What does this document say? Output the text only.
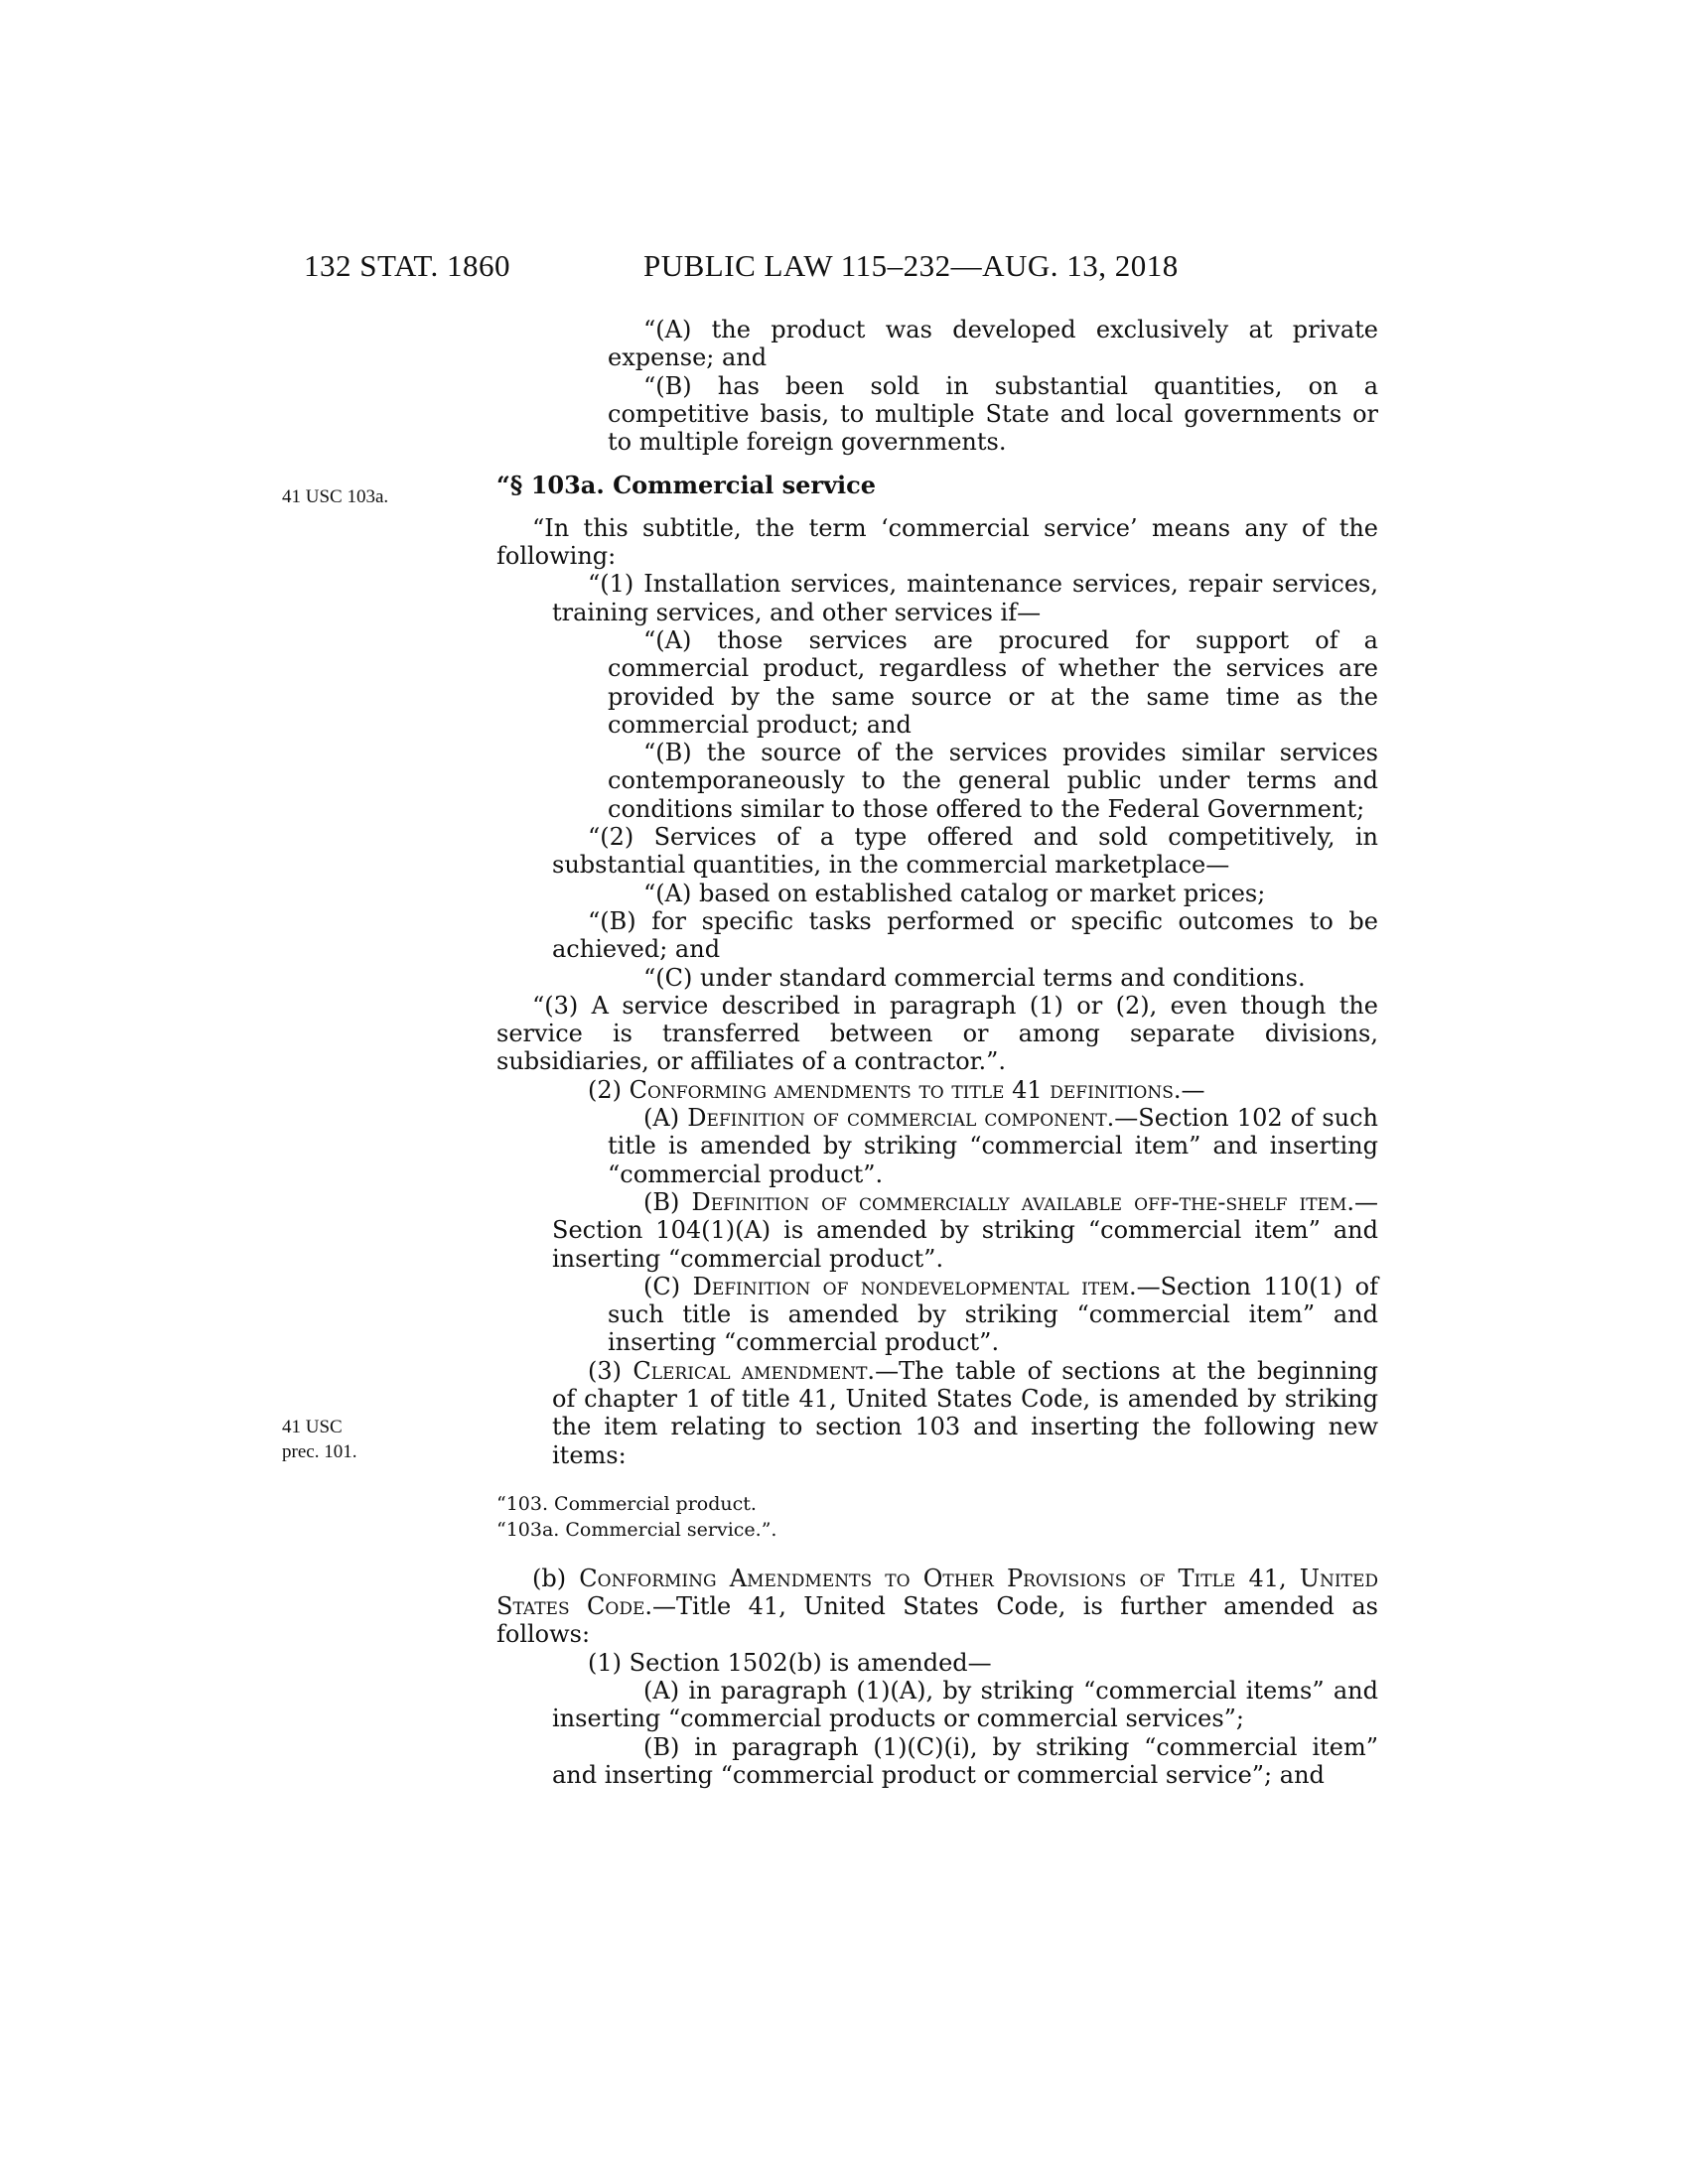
132 STAT. 1860	PUBLIC LAW 115–232—AUG. 13, 2018
41 USC 103a.
41 USC
prec. 101.

“(A) the product was developed exclusively at private expense; and

“(B) has been sold in substantial quantities, on a competitive basis, to multiple State and local governments or to multiple foreign governments.

“§ 103a. Commercial service

“In this subtitle, the term ‘commercial service’ means any of the following:

“(1) Installation services, maintenance services, repair services, training services, and other services if—

“(A) those services are procured for support of a commercial product, regardless of whether the services are provided by the same source or at the same time as the commercial product; and

“(B) the source of the services provides similar services contemporaneously to the general public under terms and conditions similar to those offered to the Federal Government;

“(2) Services of a type offered and sold competitively, in substantial quantities, in the commercial marketplace—

“(A) based on established catalog or market prices;

“(B) for specific tasks performed or specific outcomes to be achieved; and

“(C) under standard commercial terms and conditions.

“(3) A service described in paragraph (1) or (2), even though the service is transferred between or among separate divisions, subsidiaries, or affiliates of a contractor.”.

(2) Conforming amendments to title 41 definitions.—

(A) Definition of commercial component.—Section 102 of such title is amended by striking “commercial item” and inserting “commercial product”.

(B) Definition of commercially available off-the-shelf item.—Section 104(1)(A) is amended by striking “commercial item” and inserting “commercial product”.

(C) Definition of nondevelopmental item.—Section 110(1) of such title is amended by striking “commercial item” and inserting “commercial product”.

(3) Clerical amendment.—The table of sections at the beginning of chapter 1 of title 41, United States Code, is amended by striking the item relating to section 103 and inserting the following new items:

“103. Commercial product.

“103a. Commercial service.”.

(b) Conforming Amendments to Other Provisions of Title 41, United States Code.—Title 41, United States Code, is further amended as follows:

(1) Section 1502(b) is amended—

(A) in paragraph (1)(A), by striking “commercial items” and inserting “commercial products or commercial services”;

(B) in paragraph (1)(C)(i), by striking “commercial item” and inserting “commercial product or commercial service”; and
